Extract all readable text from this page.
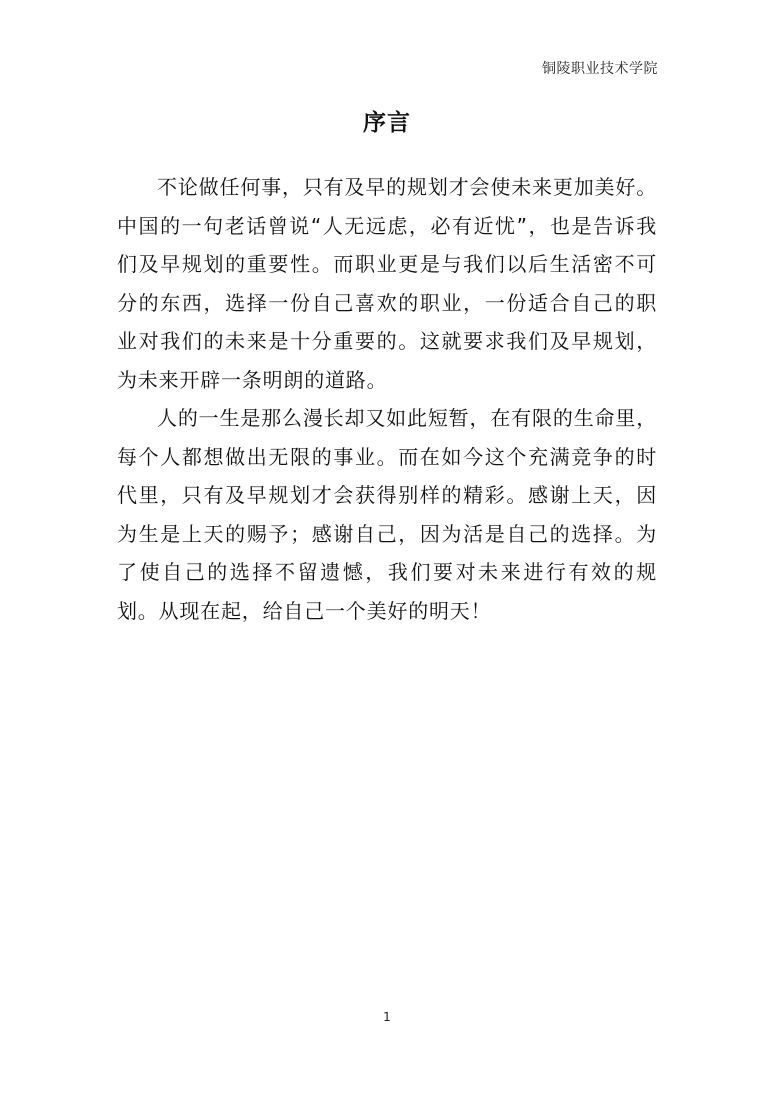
铜陵职业技术学院
序言

不论做任何事，只有及早的规划才会使未来更加美好。中国的一句老话曾说“人无远虑，必有近忧”，也是告诉我们及早规划的重要性。而职业更是与我们以后生活密不可分的东西，选择一份自己喜欢的职业，一份适合自己的职业对我们的未来是十分重要的。这就要求我们及早规划，为未来开辟一条明朗的道路。

人的一生是那么漫长却又如此短暂，在有限的生命里，每个人都想做出无限的事业。而在如今这个充满竞争的时代里，只有及早规划才会获得别样的精彩。感谢上天，因为生是上天的赐予；感谢自己，因为活是自己的选择。为了使自己的选择不留遗憾，我们要对未来进行有效的规划。从现在起，给自己一个美好的明天！

1
